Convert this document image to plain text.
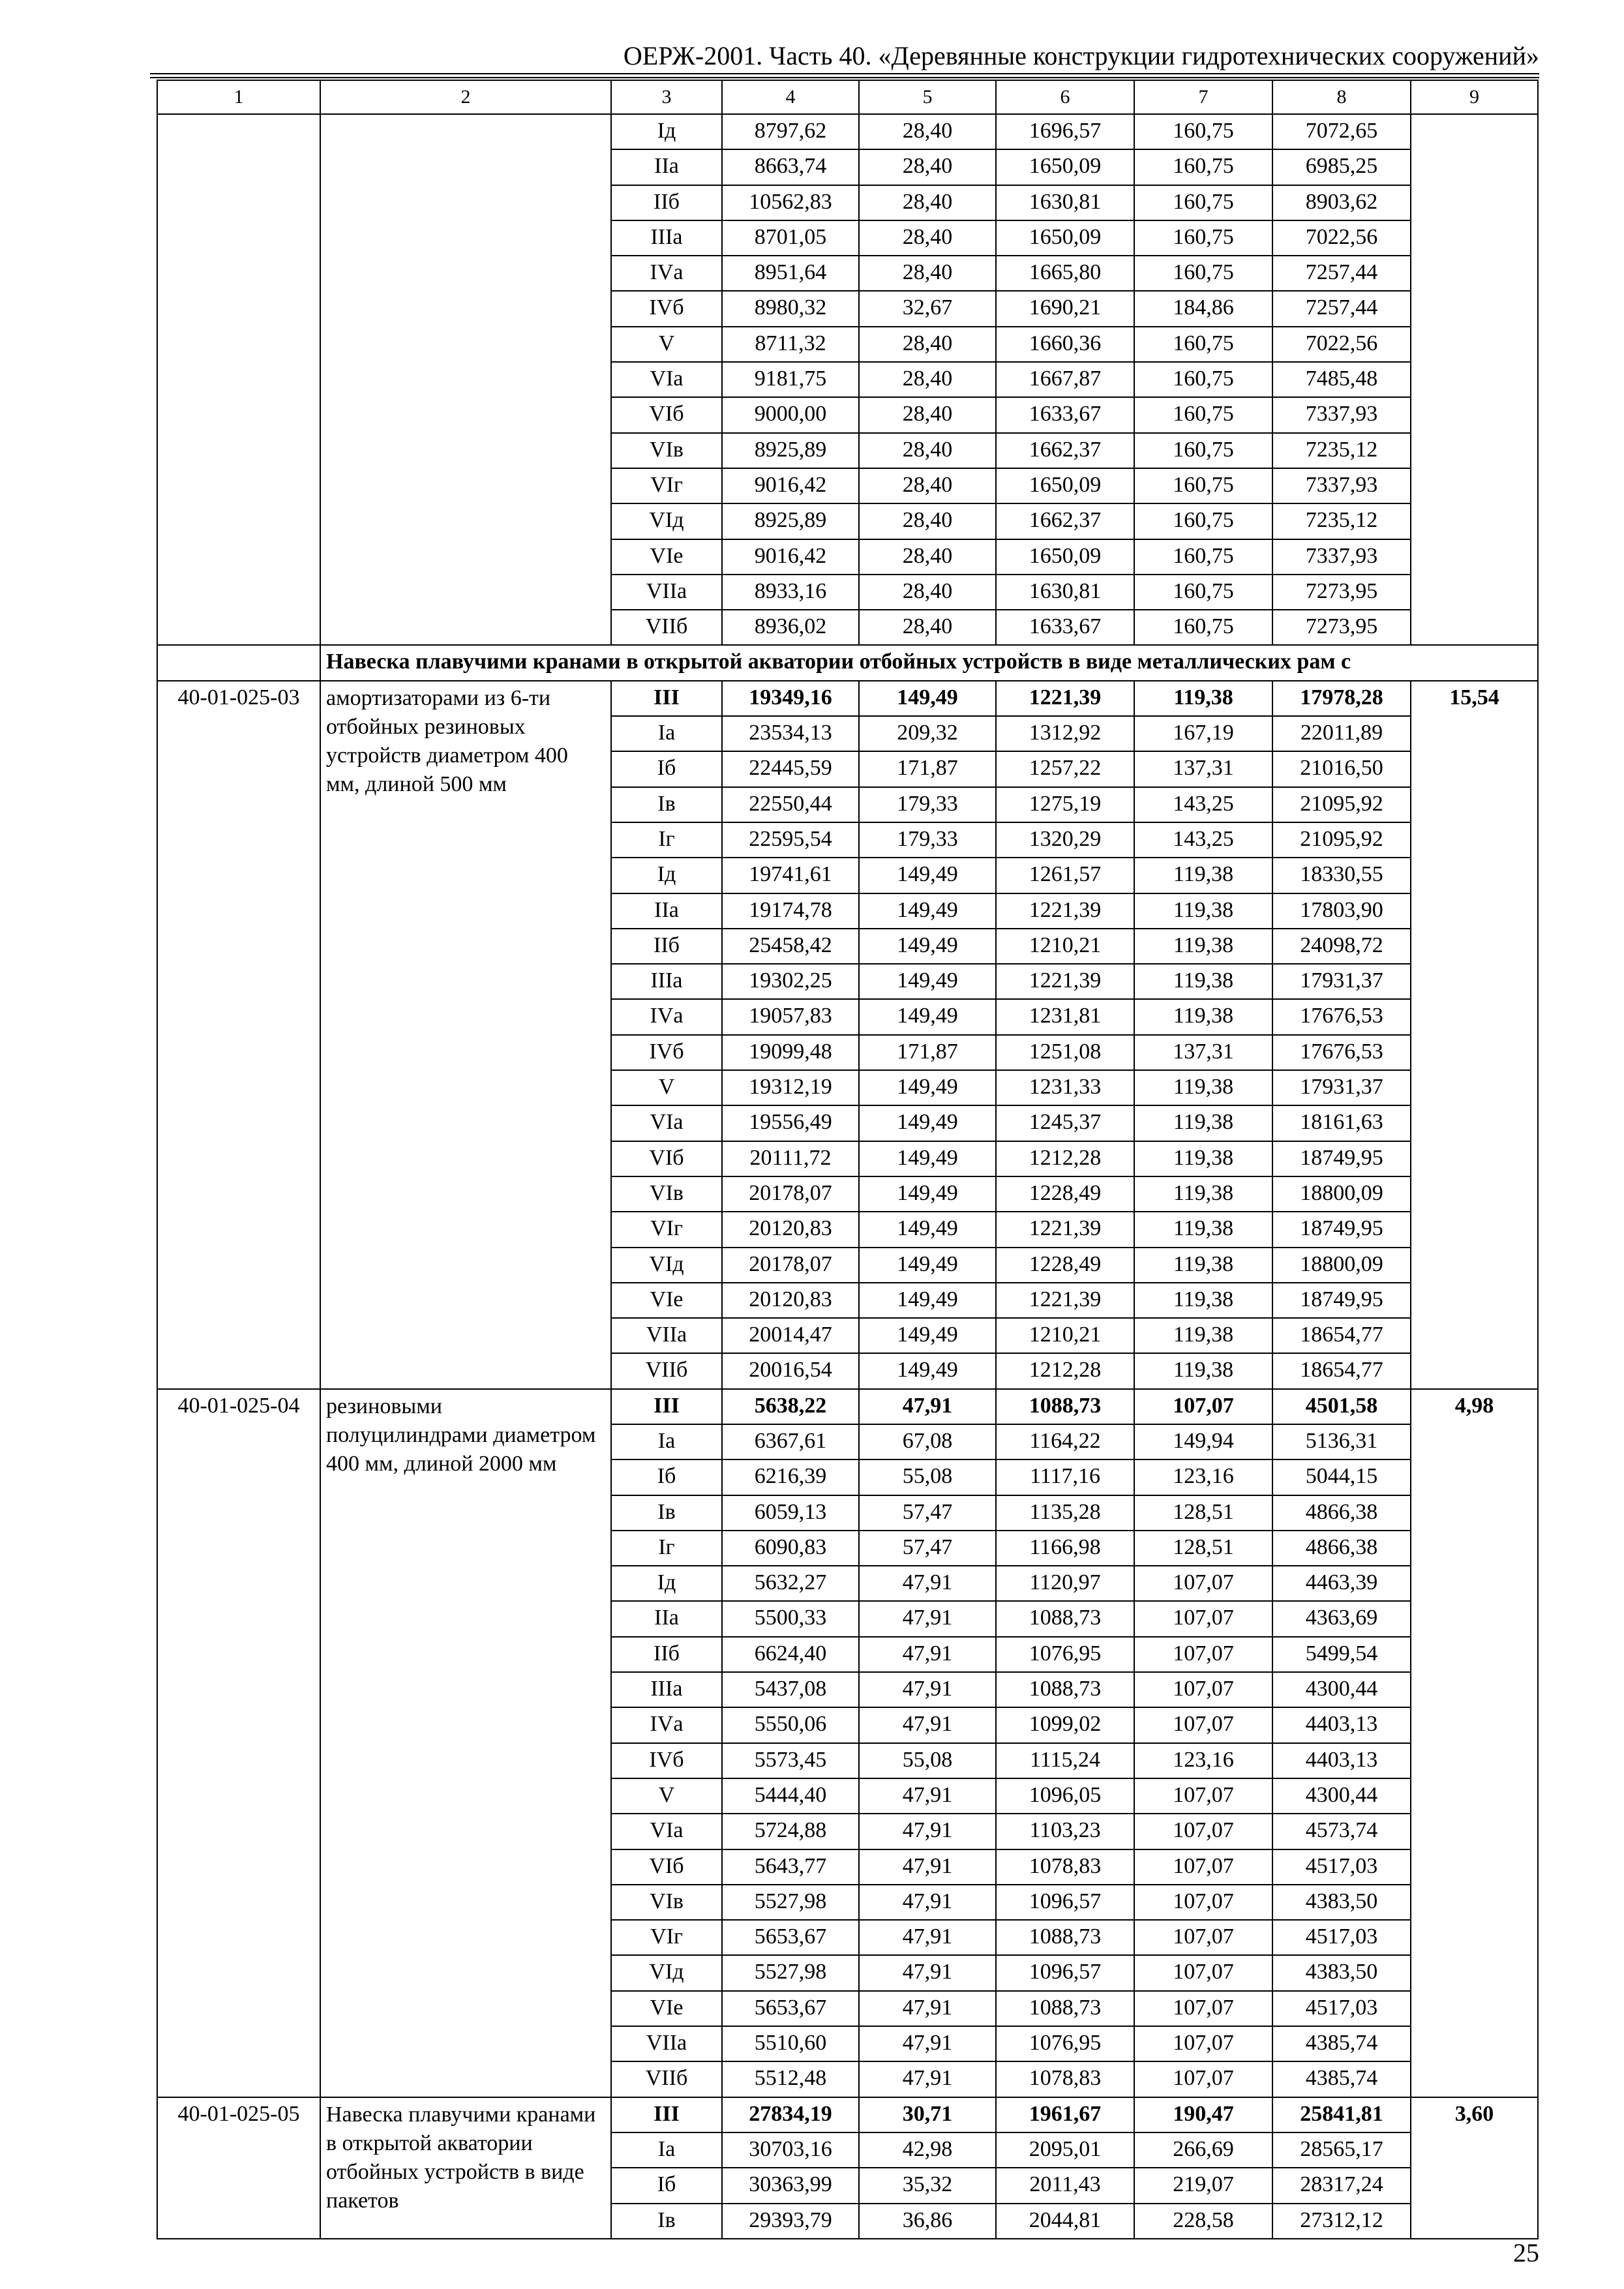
ОЕРЖ-2001. Часть 40. «Деревянные конструкции гидротехнических сооружений»
1	2	3	4	5	6	7	8	9
		Iд	8797,62	28,40	1696,57	160,75	7072,65	
		IIа	8663,74	28,40	1650,09	160,75	6985,25	
		IIб	10562,83	28,40	1630,81	160,75	8903,62	
		IIIа	8701,05	28,40	1650,09	160,75	7022,56	
		IVа	8951,64	28,40	1665,80	160,75	7257,44	
		IVб	8980,32	32,67	1690,21	184,86	7257,44	
		V	8711,32	28,40	1660,36	160,75	7022,56	
		VIа	9181,75	28,40	1667,87	160,75	7485,48	
		VIб	9000,00	28,40	1633,67	160,75	7337,93	
		VIв	8925,89	28,40	1662,37	160,75	7235,12	
		VIг	9016,42	28,40	1650,09	160,75	7337,93	
		VIд	8925,89	28,40	1662,37	160,75	7235,12	
		VIе	9016,42	28,40	1650,09	160,75	7337,93	
		VIIа	8933,16	28,40	1630,81	160,75	7273,95	
		VIIб	8936,02	28,40	1633,67	160,75	7273,95	
	Навеска плавучими кранами в открытой акватории отбойных устройств в виде металлических рам с							
40-01-025-03	амортизаторами из 6-ти отбойных резиновых устройств диаметром 400 мм, длиной 500 мм	III	19349,16	149,49	1221,39	119,38	17978,28	15,54
		Iа	23534,13	209,32	1312,92	167,19	22011,89	
		Iб	22445,59	171,87	1257,22	137,31	21016,50	
		Iв	22550,44	179,33	1275,19	143,25	21095,92	
		Iг	22595,54	179,33	1320,29	143,25	21095,92	
		Iд	19741,61	149,49	1261,57	119,38	18330,55	
		IIа	19174,78	149,49	1221,39	119,38	17803,90	
		IIб	25458,42	149,49	1210,21	119,38	24098,72	
		IIIа	19302,25	149,49	1221,39	119,38	17931,37	
		IVа	19057,83	149,49	1231,81	119,38	17676,53	
		IVб	19099,48	171,87	1251,08	137,31	17676,53	
		V	19312,19	149,49	1231,33	119,38	17931,37	
		VIа	19556,49	149,49	1245,37	119,38	18161,63	
		VIб	20111,72	149,49	1212,28	119,38	18749,95	
		VIв	20178,07	149,49	1228,49	119,38	18800,09	
		VIг	20120,83	149,49	1221,39	119,38	18749,95	
		VIд	20178,07	149,49	1228,49	119,38	18800,09	
		VIе	20120,83	149,49	1221,39	119,38	18749,95	
		VIIа	20014,47	149,49	1210,21	119,38	18654,77	
		VIIб	20016,54	149,49	1212,28	119,38	18654,77	
40-01-025-04	резиновыми полуцилиндрами диаметром 400 мм, длиной 2000 мм	III	5638,22	47,91	1088,73	107,07	4501,58	4,98
		Iа	6367,61	67,08	1164,22	149,94	5136,31	
		Iб	6216,39	55,08	1117,16	123,16	5044,15	
		Iв	6059,13	57,47	1135,28	128,51	4866,38	
		Iг	6090,83	57,47	1166,98	128,51	4866,38	
		Iд	5632,27	47,91	1120,97	107,07	4463,39	
		IIа	5500,33	47,91	1088,73	107,07	4363,69	
		IIб	6624,40	47,91	1076,95	107,07	5499,54	
		IIIа	5437,08	47,91	1088,73	107,07	4300,44	
		IVа	5550,06	47,91	1099,02	107,07	4403,13	
		IVб	5573,45	55,08	1115,24	123,16	4403,13	
		V	5444,40	47,91	1096,05	107,07	4300,44	
		VIа	5724,88	47,91	1103,23	107,07	4573,74	
		VIб	5643,77	47,91	1078,83	107,07	4517,03	
		VIв	5527,98	47,91	1096,57	107,07	4383,50	
		VIг	5653,67	47,91	1088,73	107,07	4517,03	
		VIд	5527,98	47,91	1096,57	107,07	4383,50	
		VIе	5653,67	47,91	1088,73	107,07	4517,03	
		VIIа	5510,60	47,91	1076,95	107,07	4385,74	
		VIIб	5512,48	47,91	1078,83	107,07	4385,74	
40-01-025-05	Навеска плавучими кранами в открытой акватории отбойных устройств в виде пакетов	III	27834,19	30,71	1961,67	190,47	25841,81	3,60
		Iа	30703,16	42,98	2095,01	266,69	28565,17	
		Iб	30363,99	35,32	2011,43	219,07	28317,24	
		Iв	29393,79	36,86	2044,81	228,58	27312,12	
25
